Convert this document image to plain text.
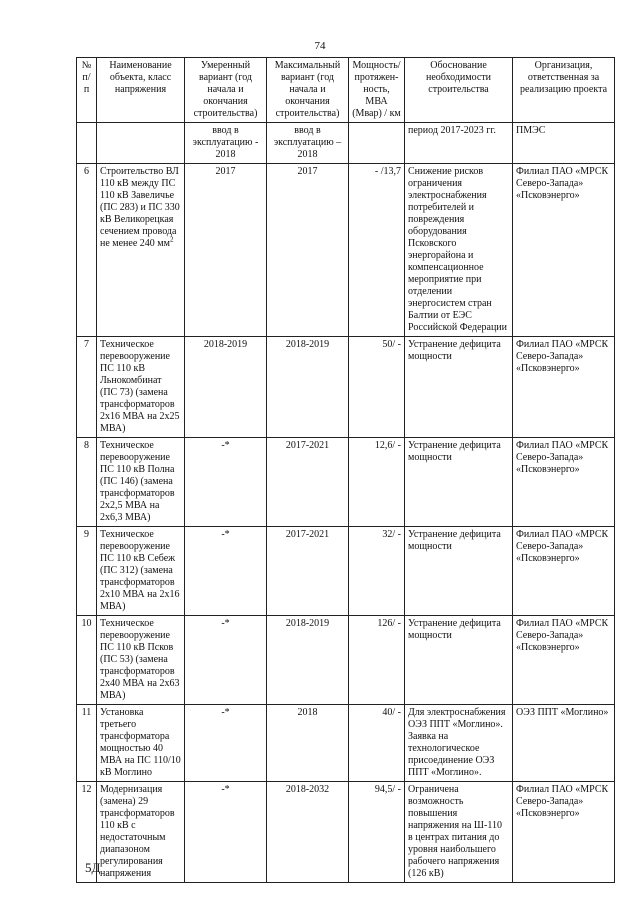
74
№ п/п	Наименование объекта, класс напряжения	Умеренный вариант (год начала и окончания строительства)	Максимальный вариант (год начала и окончания строительства)	Мощность/ протяжен-ность, МВА (Мвар) / км	Обоснование необходимости строительства	Организация, ответственная за реализацию проекта
		ввод в эксплуатацию - 2018	ввод в эксплуатацию – 2018		период 2017-2023 гг.	ПМЭС
6	Строительство ВЛ 110 кВ между ПС 110 кВ Завеличье (ПС 283) и ПС 330 кВ Великорецкая сечением провода не менее 240 $мм^2$	2017	2017	- /13,7	Снижение рисков ограничения электроснабжения потребителей и повреждения оборудования Псковского энергорайона и компенсационное мероприятие при отделении энергосистем стран Балтии от ЕЭС Российской Федерации	Филиал ПАО «МРСК Северо-Запада» «Псковэнерго»
7	Техническое перевооружение ПС 110 кВ Льнокомбинат (ПС 73) (замена трансформаторов 2х16 МВА на 2х25 МВА)	2018-2019	2018-2019	50/ -	Устранение дефицита мощности	Филиал ПАО «МРСК Северо-Запада» «Псковэнерго»
8	Техническое перевооружение ПС 110 кВ Полна (ПС 146) (замена трансформаторов 2х2,5 МВА на 2х6,3 МВА)	-*	2017-2021	12,6/ -	Устранение дефицита мощности	Филиал ПАО «МРСК Северо-Запада» «Псковэнерго»
9	Техническое перевооружение ПС 110 кВ Себеж (ПС 312) (замена трансформаторов 2х10 МВА на 2х16 МВА)	-*	2017-2021	32/ -	Устранение дефицита мощности	Филиал ПАО «МРСК Северо-Запада» «Псковэнерго»
10	Техническое перевооружение ПС 110 кВ Псков (ПС 53) (замена трансформаторов 2х40 МВА на 2х63 МВА)	-*	2018-2019	126/ -	Устранение дефицита мощности	Филиал ПАО «МРСК Северо-Запада» «Псковэнерго»
11	Установка третьего трансформатора мощностью 40 МВА на ПС 110/10 кВ Моглино	-*	2018	40/ -	Для электроснабжения ОЭЗ ППТ «Моглино». Заявка на технологическое присоединение ОЭЗ ППТ «Моглино».	ОЭЗ ППТ «Моглино»
12	Модернизация (замена) 29 трансформаторов 110 кВ с недостаточным диапазоном регулирования напряжения	-*	2018-2032	94,5/ -	Ограничена возможность повышения напряжения на Ш-110 в центрах питания до уровня наибольшего рабочего напряжения (126 кВ)	Филиал ПАО «МРСК Северо-Запада» «Псковэнерго»
5Д
